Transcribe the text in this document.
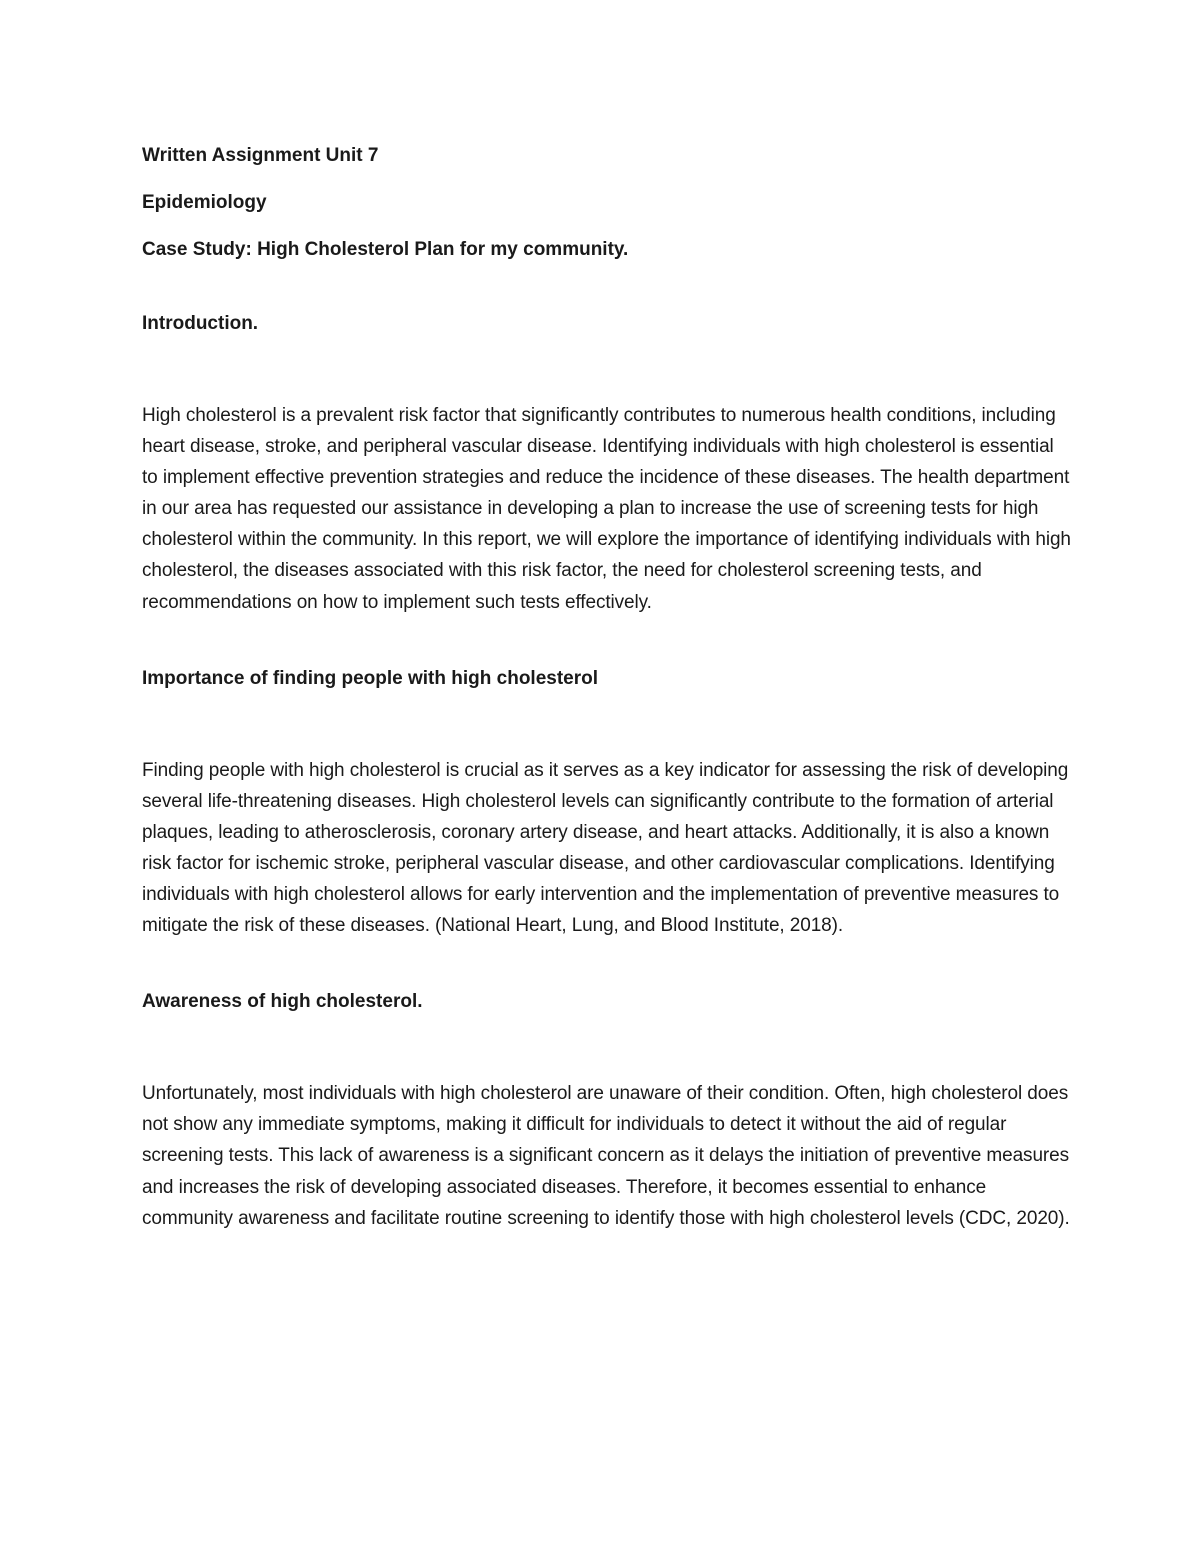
Written Assignment Unit 7

Epidemiology

Case Study: High Cholesterol Plan for my community.

Introduction.

High cholesterol is a prevalent risk factor that significantly contributes to numerous health conditions, including heart disease, stroke, and peripheral vascular disease. Identifying individuals with high cholesterol is essential to implement effective prevention strategies and reduce the incidence of these diseases. The health department in our area has requested our assistance in developing a plan to increase the use of screening tests for high cholesterol within the community. In this report, we will explore the importance of identifying individuals with high cholesterol, the diseases associated with this risk factor, the need for cholesterol screening tests, and recommendations on how to implement such tests effectively.

Importance of finding people with high cholesterol

Finding people with high cholesterol is crucial as it serves as a key indicator for assessing the risk of developing several life-threatening diseases. High cholesterol levels can significantly contribute to the formation of arterial plaques, leading to atherosclerosis, coronary artery disease, and heart attacks. Additionally, it is also a known risk factor for ischemic stroke, peripheral vascular disease, and other cardiovascular complications. Identifying individuals with high cholesterol allows for early intervention and the implementation of preventive measures to mitigate the risk of these diseases. (National Heart, Lung, and Blood Institute, 2018).

Awareness of high cholesterol.

Unfortunately, most individuals with high cholesterol are unaware of their condition. Often, high cholesterol does not show any immediate symptoms, making it difficult for individuals to detect it without the aid of regular screening tests. This lack of awareness is a significant concern as it delays the initiation of preventive measures and increases the risk of developing associated diseases. Therefore, it becomes essential to enhance community awareness and facilitate routine screening to identify those with high cholesterol levels (CDC, 2020).
